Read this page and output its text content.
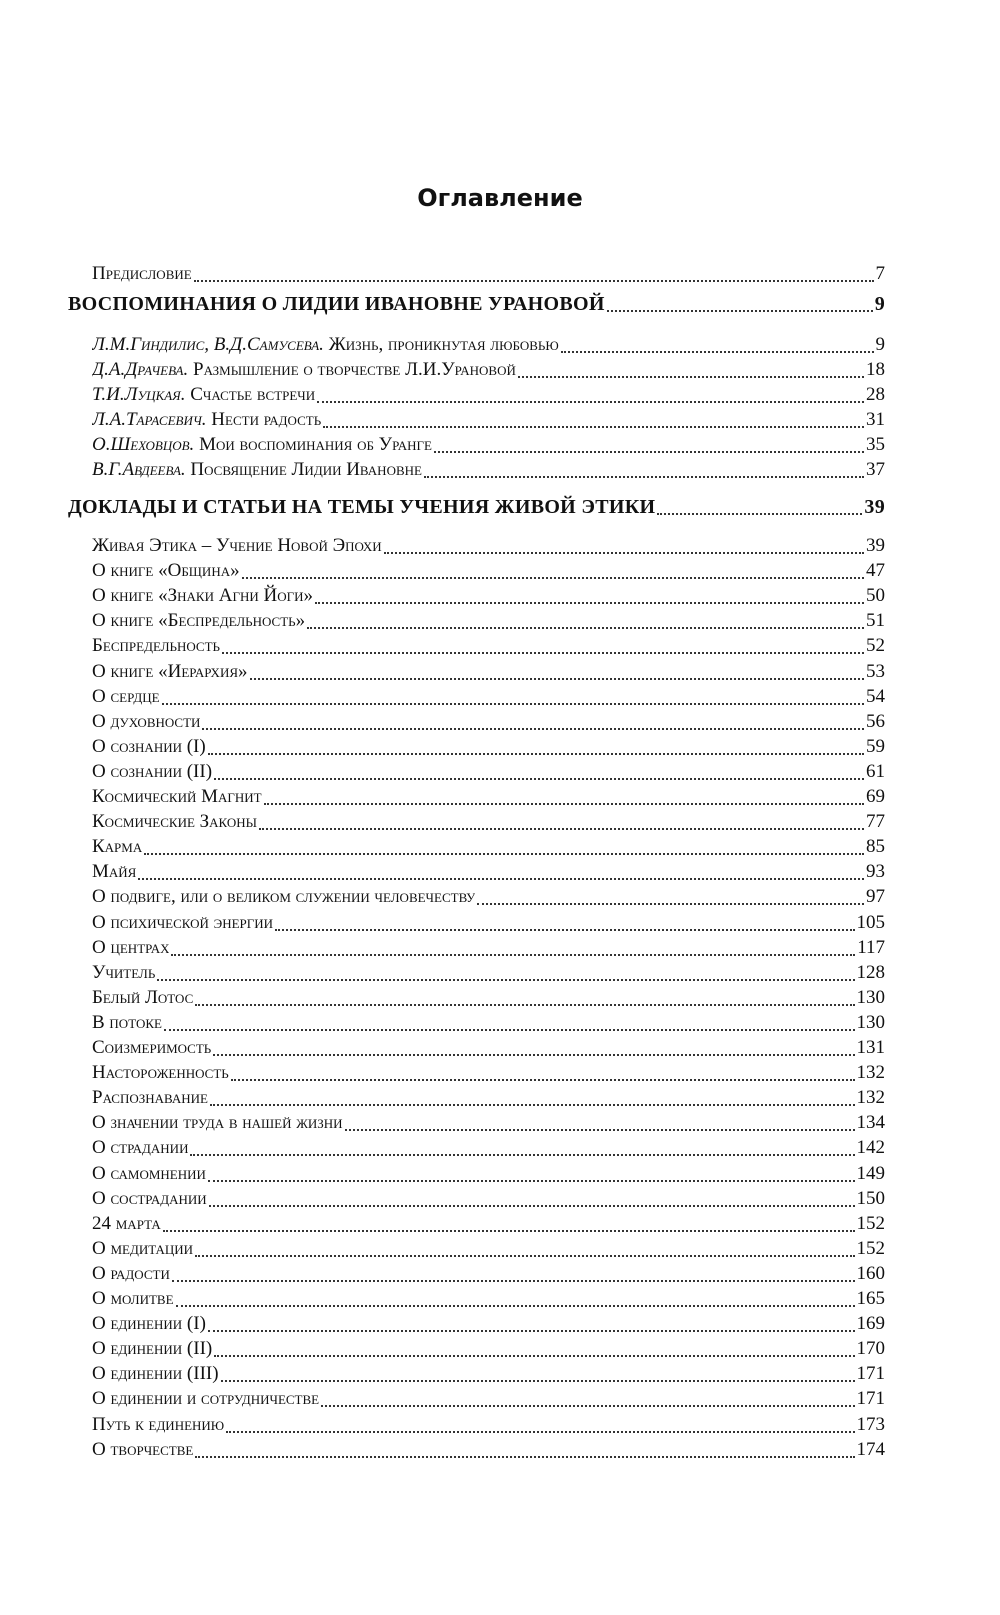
Оглавление
Предисловие	7
ВОСПОМИНАНИЯ О ЛИДИИ ИВАНОВНЕ УРАНОВОЙ	9
Л.М.Гиндилис, В.Д.Самусева. Жизнь, проникнутая любовью	9
Д.А.Драчева. Размышление о творчестве Л.И.Урановой	18
Т.И.Луцкая. Счастье встречи	28
Л.А.Тарасевич. Нести радость	31
О.Шеховцов. Мои воспоминания об Уранге	35
В.Г.Авдеева. Посвящение Лидии Ивановне	37
ДОКЛАДЫ И СТАТЬИ НА ТЕМЫ УЧЕНИЯ ЖИВОЙ ЭТИКИ	39
Живая Этика – Учение Новой Эпохи	39
О книге «Община»	47
О книге «Знаки Агни Йоги»	50
О книге «Беспредельность»	51
Беспредельность	52
О книге «Иерархия»	53
О сердце	54
О духовности	56
О сознании (I)	59
О сознании (II)	61
Космический Магнит	69
Космические Законы	77
Карма	85
Майя	93
О подвиге, или о великом служении человечеству	97
О психической энергии	105
О центрах	117
Учитель	128
Белый Лотос	130
В потоке	130
Соизмеримость	131
Настороженность	132
Распознавание	132
О значении труда в нашей жизни	134
О страдании	142
О самомнении	149
О сострадании	150
24 марта	152
О медитации	152
О радости	160
О молитве	165
О единении (I)	169
О единении (II)	170
О единении (III)	171
О единении и сотрудничестве	171
Путь к единению	173
О творчестве	174
